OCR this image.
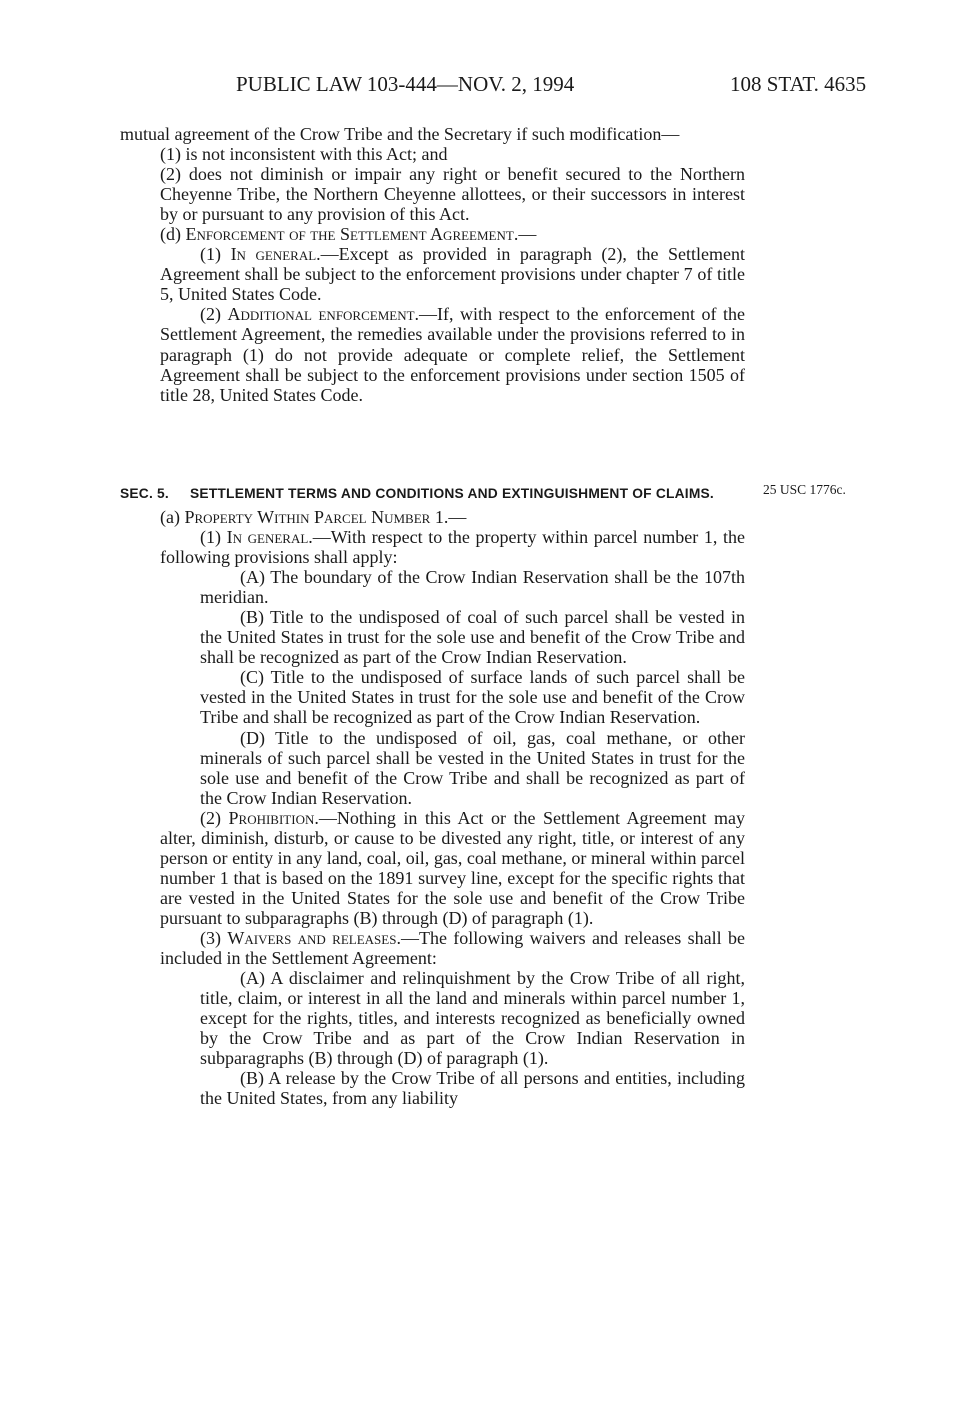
PUBLIC LAW 103-444—NOV. 2, 1994	108 STAT. 4635

mutual agreement of the Crow Tribe and the Secretary if such modification—

(1) is not inconsistent with this Act; and

(2) does not diminish or impair any right or benefit secured to the Northern Cheyenne Tribe, the Northern Cheyenne allottees, or their successors in interest by or pursuant to any provision of this Act.

(d) Enforcement of the Settlement Agreement.—

(1) In general.—Except as provided in paragraph (2), the Settlement Agreement shall be subject to the enforcement provisions under chapter 7 of title 5, United States Code.

(2) Additional enforcement.—If, with respect to the enforcement of the Settlement Agreement, the remedies available under the provisions referred to in paragraph (1) do not provide adequate or complete relief, the Settlement Agreement shall be subject to the enforcement provisions under section 1505 of title 28, United States Code.

25 USC 1776c.

SEC. 5. SETTLEMENT TERMS AND CONDITIONS AND EXTINGUISHMENT OF CLAIMS.

(a) Property Within Parcel Number 1.—

(1) In general.—With respect to the property within parcel number 1, the following provisions shall apply:

(A) The boundary of the Crow Indian Reservation shall be the 107th meridian.

(B) Title to the undisposed of coal of such parcel shall be vested in the United States in trust for the sole use and benefit of the Crow Tribe and shall be recognized as part of the Crow Indian Reservation.

(C) Title to the undisposed of surface lands of such parcel shall be vested in the United States in trust for the sole use and benefit of the Crow Tribe and shall be recognized as part of the Crow Indian Reservation.

(D) Title to the undisposed of oil, gas, coal methane, or other minerals of such parcel shall be vested in the United States in trust for the sole use and benefit of the Crow Tribe and shall be recognized as part of the Crow Indian Reservation.

(2) Prohibition.—Nothing in this Act or the Settlement Agreement may alter, diminish, disturb, or cause to be divested any right, title, or interest of any person or entity in any land, coal, oil, gas, coal methane, or mineral within parcel number 1 that is based on the 1891 survey line, except for the specific rights that are vested in the United States for the sole use and benefit of the Crow Tribe pursuant to subparagraphs (B) through (D) of paragraph (1).

(3) Waivers and releases.—The following waivers and releases shall be included in the Settlement Agreement:

(A) A disclaimer and relinquishment by the Crow Tribe of all right, title, claim, or interest in all the land and minerals within parcel number 1, except for the rights, titles, and interests recognized as beneficially owned by the Crow Tribe and as part of the Crow Indian Reservation in subparagraphs (B) through (D) of paragraph (1).

(B) A release by the Crow Tribe of all persons and entities, including the United States, from any liability
